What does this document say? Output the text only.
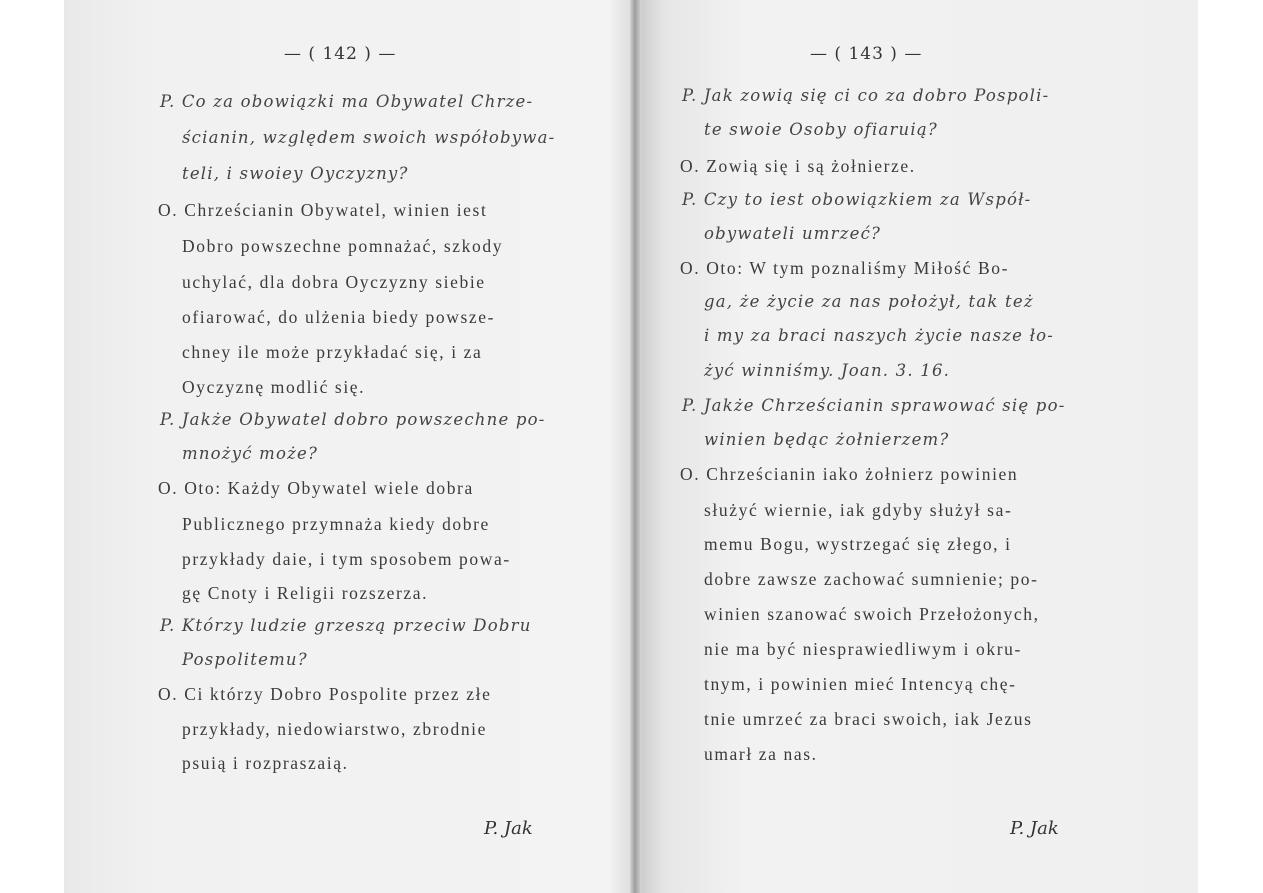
— ( 142 ) —
P. Co za obowiązki ma Obywatel Chrze-
ścianin, względem swoich współobywa-
teli, i swoiey Oyczyzny?
O. Chrześcianin Obywatel, winien iest
Dobro powszechne pomnażać, szkody
uchylać, dla dobra Oyczyzny siebie
ofiarować, do ulżenia biedy powsze-
chney ile może przykładać się, i za
Oyczyznę modlić się.
P. Jakże Obywatel dobro powszechne po-
mnożyć może?
O. Oto: Każdy Obywatel wiele dobra
Publicznego przymnaża kiedy dobre
przykłady daie, i tym sposobem powa-
gę Cnoty i Religii rozszerza.
P. Którzy ludzie grzeszą przeciw Dobru
Pospolitemu?
O. Ci którzy Dobro Pospolite przez złe
przykłady, niedowiarstwo, zbrodnie
psuią i rozpraszaią.
P. Jak
— ( 143 ) —
P. Jak zowią się ci co za dobro Pospoli-
te swoie Osoby ofiaruią?
O. Zowią się i są żołnierze.
P. Czy to iest obowiązkiem za Współ-
obywateli umrzeć?
O. Oto: W tym poznaliśmy Miłość Bo-
ga, że życie za nas położył, tak też
i my za braci naszych życie nasze ło-
żyć winniśmy. Joan. 3. 16.
P. Jakże Chrześcianin sprawować się po-
winien będąc żołnierzem?
O. Chrześcianin iako żołnierz powinien
służyć wiernie, iak gdyby służył sa-
memu Bogu, wystrzegać się złego, i
dobre zawsze zachować sumnienie; po-
winien szanować swoich Przełożonych,
nie ma być niesprawiedliwym i okru-
tnym, i powinien mieć Intencyą chę-
tnie umrzeć za braci swoich, iak Jezus
umarł za nas.
P. Jak
